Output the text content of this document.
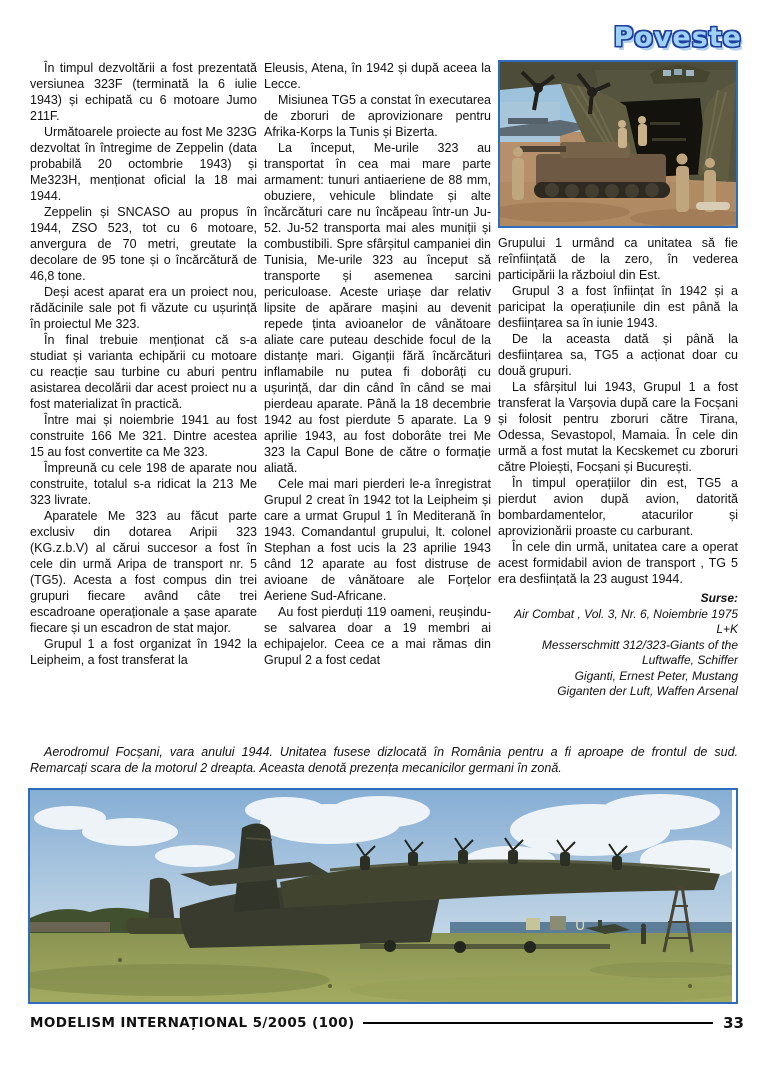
Poveste

În timpul dezvoltării a fost prezentată versiunea 323F (terminată la 6 iulie 1943) și echipată cu 6 motoare Jumo 211F.

Următoarele proiecte au fost Me 323G dezvoltat în întregime de Zeppelin (data probabilă 20 octombrie 1943) și Me323H, menționat oficial la 18 mai 1944.

Zeppelin și SNCASO au propus în 1944, ZSO 523, tot cu 6 motoare, anvergura de 70 metri, greutate la decolare de 95 tone și o încărcătură de 46,8 tone.

Deși acest aparat era un proiect nou, rădăcinile sale pot fi văzute cu ușurință în proiectul Me 323.

În final trebuie menționat că s-a studiat și varianta echipării cu motoare cu reacție sau turbine cu aburi pentru asistarea decolării dar acest proiect nu a fost materializat în practică.

Între mai și noiembrie 1941 au fost construite 166 Me 321. Dintre acestea 15 au fost convertite ca Me 323.

Împreună cu cele 198 de aparate nou construite, totalul s-a ridicat la 213 Me 323 livrate.

Aparatele Me 323 au făcut parte exclusiv din dotarea Aripii 323 (KG.z.b.V) al cărui succesor a fost în cele din urmă Aripa de transport nr. 5 (TG5). Acesta a fost compus din trei grupuri fiecare având câte trei escadroane operaționale a șase aparate fiecare și un escadron de stat major.

Grupul 1 a fost organizat în 1942 la Leipheim, a fost transferat la

Eleusis, Atena, în 1942 și după aceea la Lecce.

Misiunea TG5 a constat în executarea de zboruri de aprovizionare pentru Afrika-Korps la Tunis și Bizerta.

La început, Me-urile 323 au transportat în cea mai mare parte armament: tunuri antiaeriene de 88 mm, obuziere, vehicule blindate și alte încărcături care nu încăpeau într-un Ju-52. Ju-52 transporta mai ales muniții și combustibili. Spre sfârșitul campaniei din Tunisia, Me-urile 323 au început să transporte și asemenea sarcini periculoase. Aceste uriașe dar relativ lipsite de apărare mașini au devenit repede ținta avioanelor de vânătoare aliate care puteau deschide focul de la distanțe mari. Giganții fără încărcături inflamabile nu putea fi doborâți cu ușurință, dar din când în când se mai pierdeau aparate. Până la 18 decembrie 1942 au fost pierdute 5 aparate. La 9 aprilie 1943, au fost doborâte trei Me 323 la Capul Bone de către o formație aliată.

Cele mai mari pierderi le-a înregistrat Grupul 2 creat în 1942 tot la Leipheim și care a urmat Grupul 1 în Mediterană în 1943. Comandantul grupului, lt. colonel Stephan a fost ucis la 23 aprilie 1943 când 12 aparate au fost distruse de avioane de vânătoare ale Forțelor Aeriene Sud-Africane.

Au fost pierduți 119 oameni, reușindu-se salvarea doar a 19 membri ai echipajelor. Ceea ce a mai rămas din Grupul 2 a fost cedat

Grupului 1 urmând ca unitatea să fie reînființată de la zero, în vederea participării la războiul din Est.

Grupul 3 a fost înființat în 1942 și a paricipat la operațiunile din est până la desființarea sa în iunie 1943.

De la aceasta dată și până la desființarea sa, TG5 a acționat doar cu două grupuri.

La sfârșitul lui 1943, Grupul 1 a fost transferat la Varșovia după care la Focșani și folosit pentru zboruri către Tirana, Odessa, Sevastopol, Mamaia. În cele din urmă a fost mutat la Kecskemet cu zboruri către Ploiești, Focșani și București.

În timpul operațiilor din est, TG5 a pierdut avion după avion, datorită bombardamentelor, atacurilor și aprovizionării proaste cu carburant.

În cele din urmă, unitatea care a operat acest formidabil avion de transport , TG 5 era desființată la 23 august 1944.

Surse:
Air Combat , Vol. 3, Nr. 6, Noiembrie 1975
L+K
Messerschmitt 312/323-Giants of the Luftwaffe, Schiffer
Giganti, Ernest Peter, Mustang
Giganten der Luft, Waffen Arsenal

Aerodromul Focșani, vara anului 1944. Unitatea fusese dizlocată în România pentru a fi aproape de frontul de sud. Remarcați scara de la motorul 2 dreapta. Aceasta denotă prezența mecanicilor germani în zonă.

U
MODELISM INTERNAȚIONAL 5/2005 (100)	33
